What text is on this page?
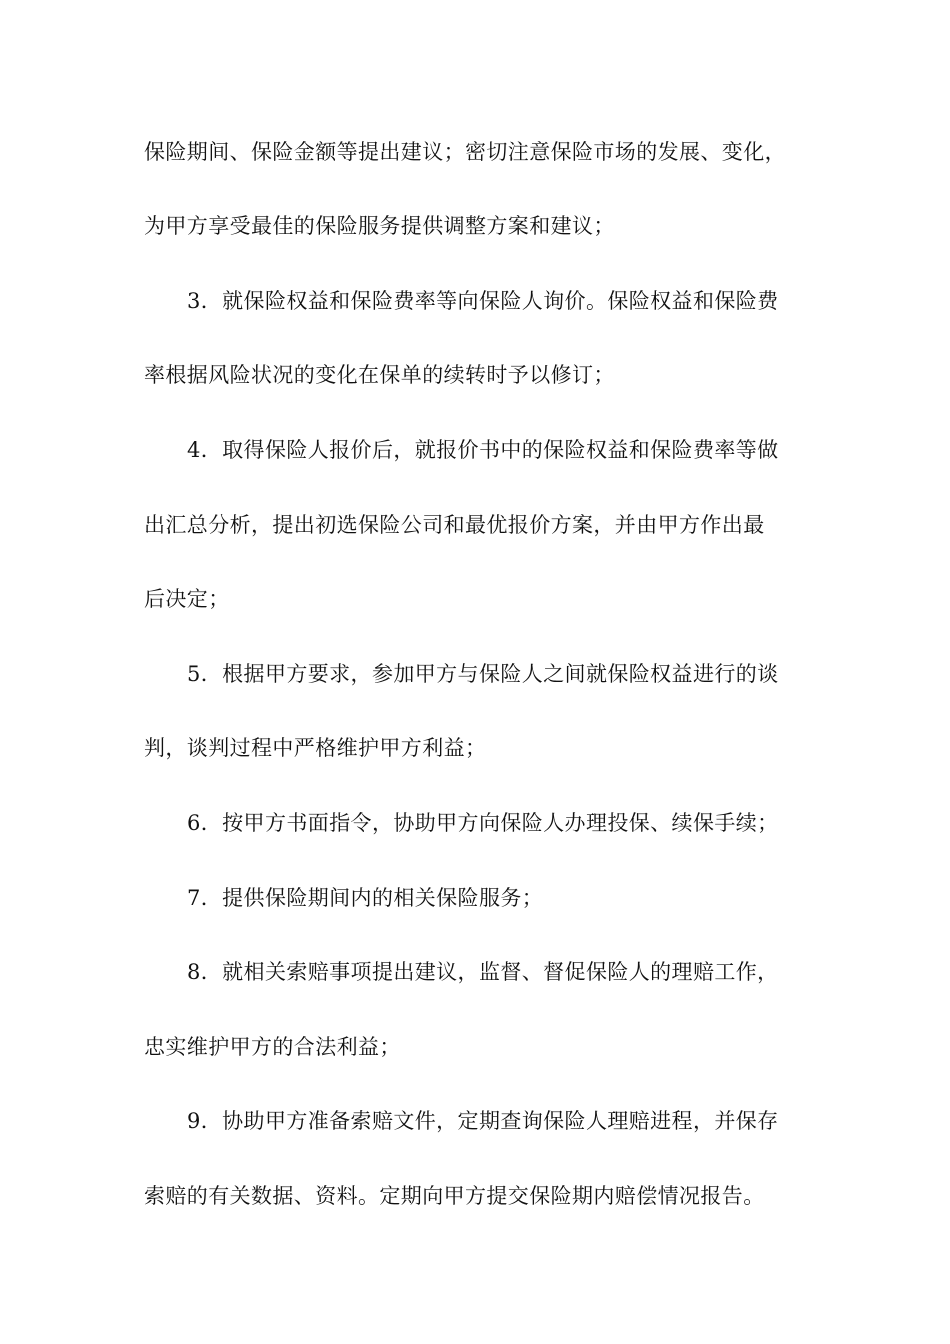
保险期间、保险金额等提出建议；密切注意保险市场的发展、变化，
为甲方享受最佳的保险服务提供调整方案和建议；
3．就保险权益和保险费率等向保险人询价。保险权益和保险费
率根据风险状况的变化在保单的续转时予以修订；
4．取得保险人报价后，就报价书中的保险权益和保险费率等做
出汇总分析，提出初选保险公司和最优报价方案，并由甲方作出最
后决定；
5．根据甲方要求，参加甲方与保险人之间就保险权益进行的谈
判，谈判过程中严格维护甲方利益；
6．按甲方书面指令，协助甲方向保险人办理投保、续保手续；
7．提供保险期间内的相关保险服务；
8．就相关索赔事项提出建议，监督、督促保险人的理赔工作，
忠实维护甲方的合法利益；
9．协助甲方准备索赔文件，定期查询保险人理赔进程，并保存
索赔的有关数据、资料。定期向甲方提交保险期内赔偿情况报告。
